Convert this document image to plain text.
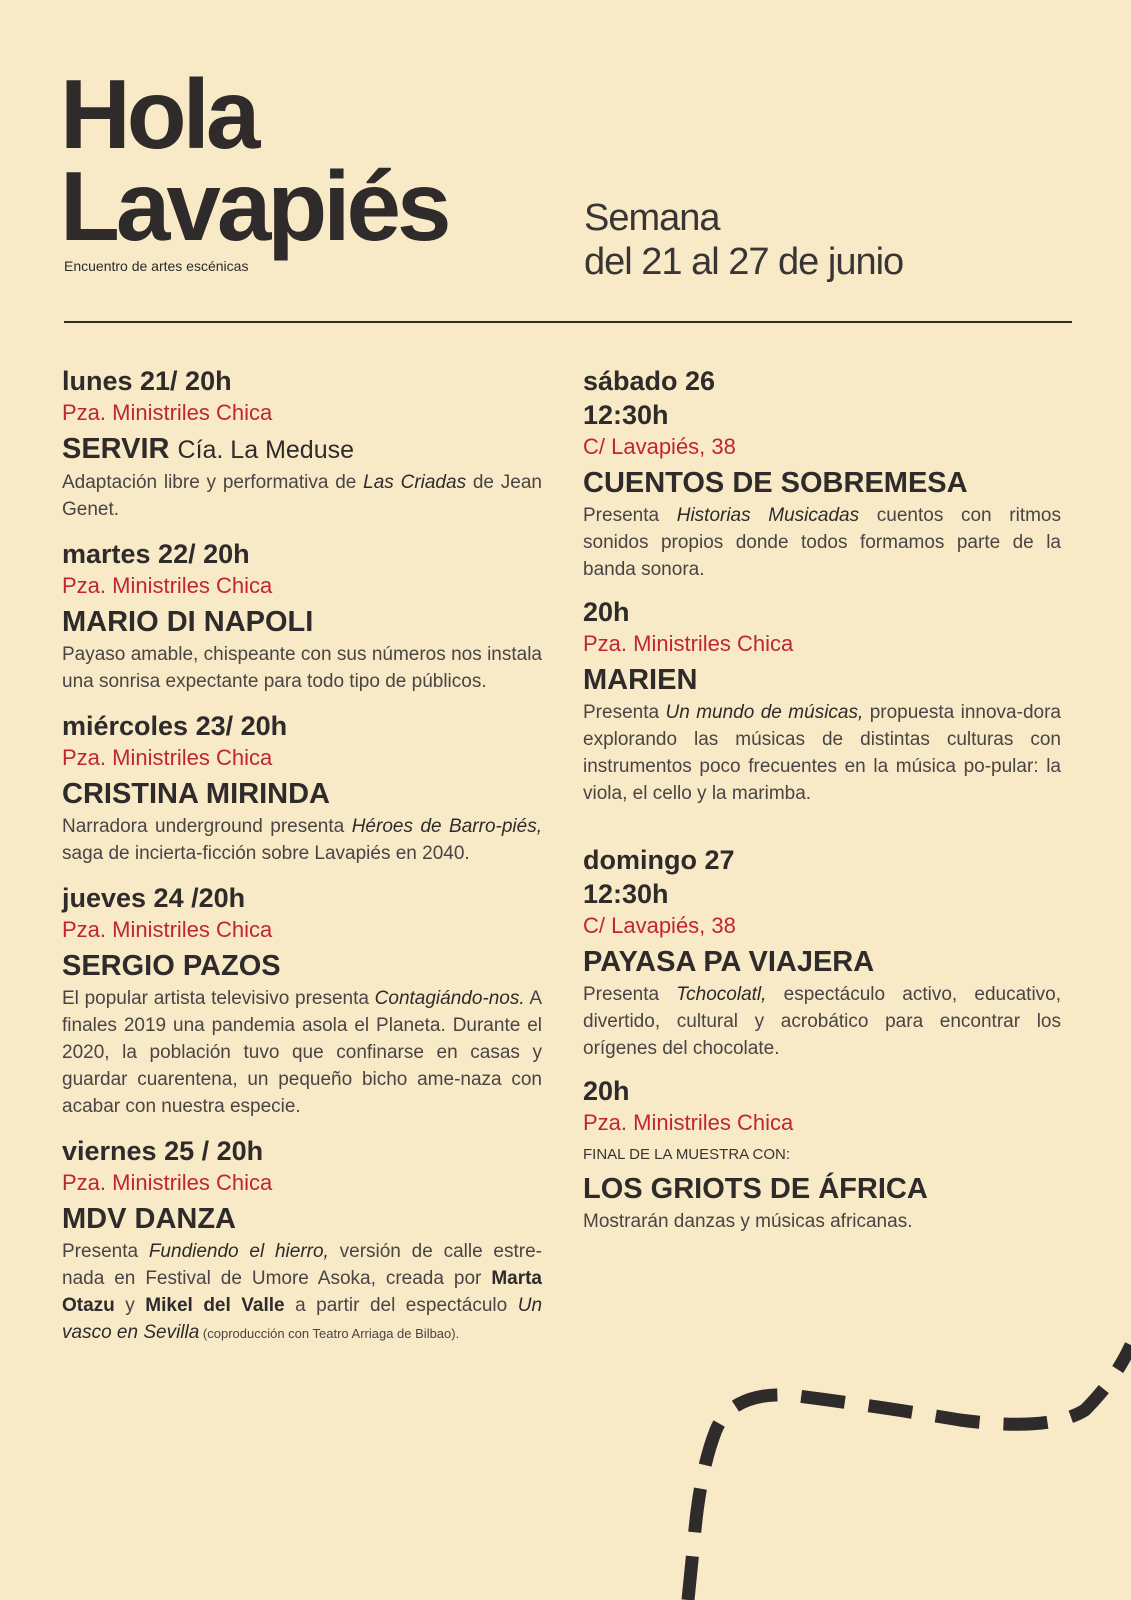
Hola
Lavapiés
Encuentro de artes escénicas
Semana
del 21 al 27 de junio
lunes 21/ 20h
Pza. Ministriles Chica
SERVIR Cía. La Meduse
Adaptación libre y performativa de Las Criadas de Jean Genet.
martes 22/ 20h
Pza. Ministriles Chica
MARIO DI NAPOLI
Payaso amable, chispeante con sus números nos instala una sonrisa expectante para todo tipo de públicos.
miércoles 23/ 20h
Pza. Ministriles Chica
CRISTINA MIRINDA
Narradora underground presenta Héroes de Barro-piés, saga de incierta-ficción sobre Lavapiés en 2040.
jueves 24 /20h
Pza. Ministriles Chica
SERGIO PAZOS
El popular artista televisivo presenta Contagiándo-nos. A finales 2019 una pandemia asola el Planeta. Durante el 2020, la población tuvo que confinarse en casas y guardar cuarentena, un pequeño bicho ame-naza con acabar con nuestra especie.
viernes 25 / 20h
Pza. Ministriles Chica
MDV DANZA
Presenta Fundiendo el hierro, versión de calle estre-nada en Festival de Umore Asoka, creada por Marta Otazu y Mikel del Valle a partir del espectáculo Un vasco en Sevilla (coproducción con Teatro Arriaga de Bilbao).
sábado 26
12:30h
C/ Lavapiés, 38
CUENTOS DE SOBREMESA
Presenta Historias Musicadas cuentos con ritmos sonidos propios donde todos formamos parte de la banda sonora.
20h
Pza. Ministriles Chica
MARIEN
Presenta Un mundo de músicas, propuesta innova-dora explorando las músicas de distintas culturas con instrumentos poco frecuentes en la música po-pular: la viola, el cello y la marimba.
domingo 27
12:30h
C/ Lavapiés, 38
PAYASA PA VIAJERA
Presenta Tchocolatl, espectáculo activo, educativo, divertido, cultural y acrobático para encontrar los orígenes del chocolate.
20h
Pza. Ministriles Chica
FINAL DE LA MUESTRA CON:
LOS GRIOTS DE ÁFRICA
Mostrarán danzas y músicas africanas.
